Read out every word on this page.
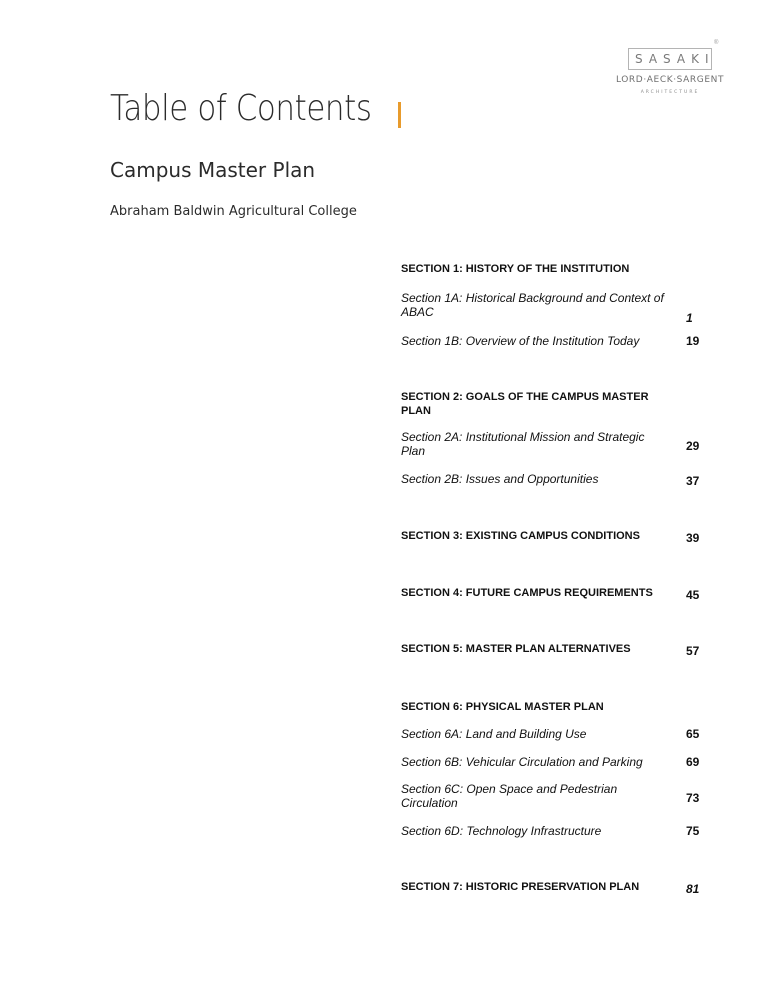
SASAKI
®
LORD·AECK·SARGENT
ARCHITECTURE
Table of Contents
Campus Master Plan
Abraham Baldwin Agricultural College
SECTION 1: HISTORY OF THE INSTITUTION
Section 1A: Historical Background and Context of ABAC	1
Section 1B: Overview of the Institution Today	19
SECTION 2: GOALS OF THE CAMPUS MASTER PLAN
Section 2A: Institutional Mission and Strategic Plan	29
Section 2B: Issues and Opportunities	37
SECTION 3: EXISTING CAMPUS CONDITIONS	39
SECTION 4: FUTURE CAMPUS REQUIREMENTS	45
SECTION 5: MASTER PLAN ALTERNATIVES	57
SECTION 6: PHYSICAL MASTER PLAN
Section 6A: Land and Building Use	65
Section 6B: Vehicular Circulation and Parking	69
Section 6C: Open Space and Pedestrian Circulation	73
Section 6D: Technology Infrastructure	75
SECTION 7: HISTORIC PRESERVATION PLAN	81
